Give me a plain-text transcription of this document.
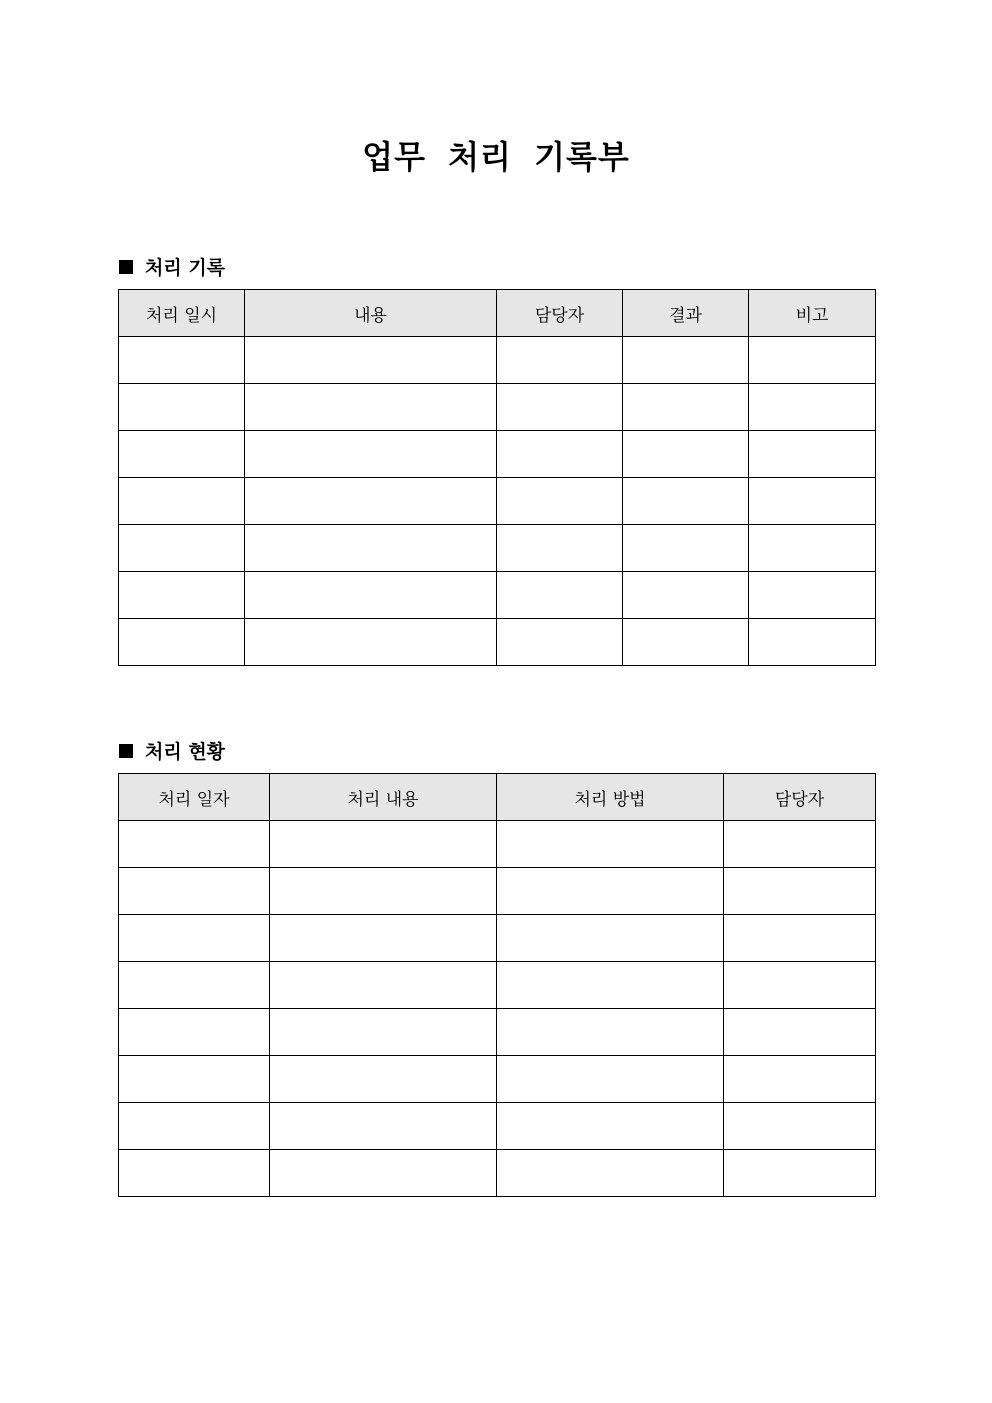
업무 처리 기록부
처리 기록
처리 일시	내용	담당자	결과	비고

처리 현황
처리 일자	처리 내용	처리 방법	담당자
